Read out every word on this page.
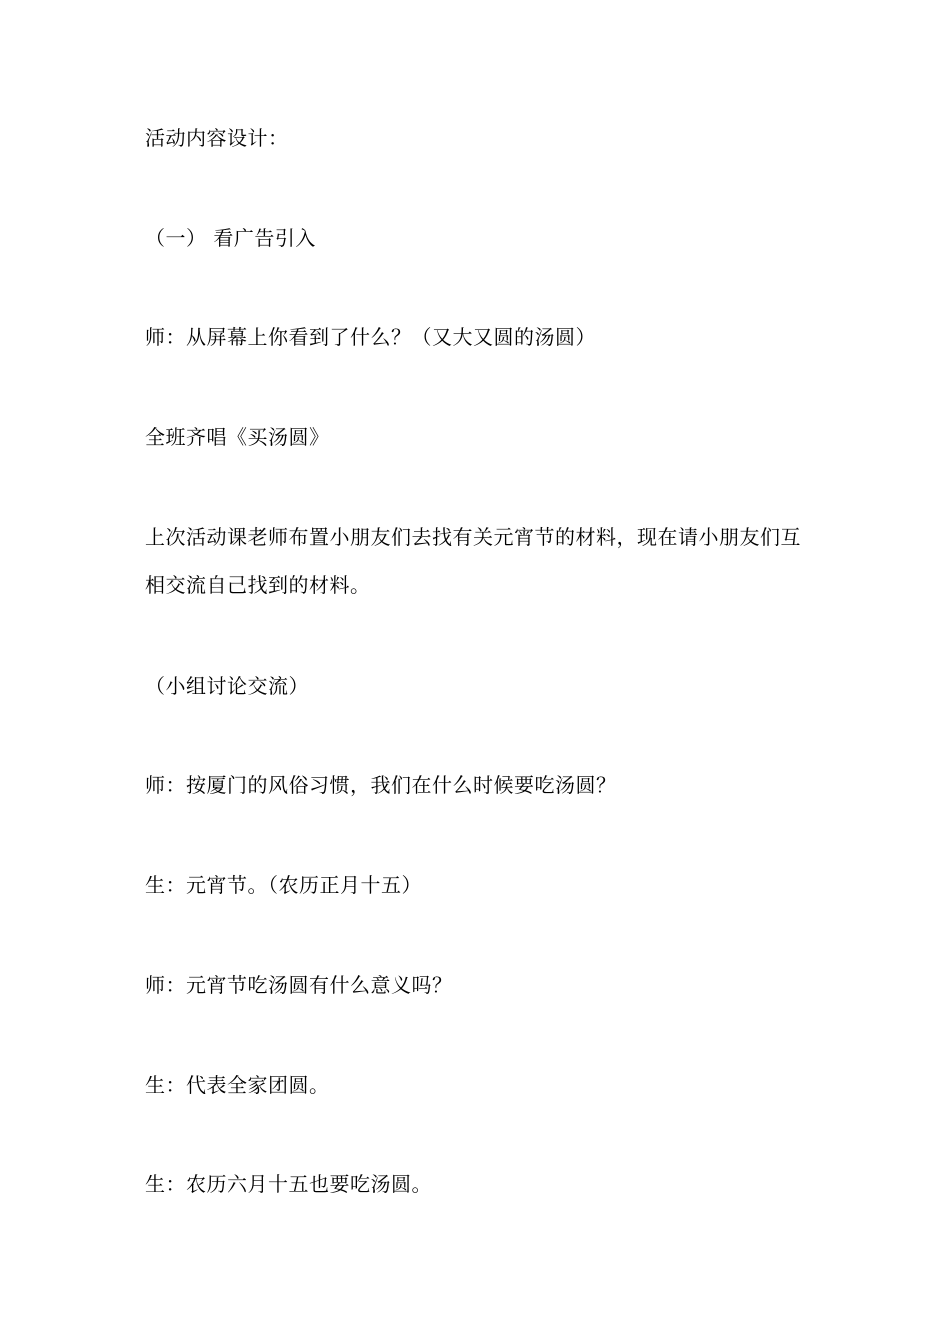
活动内容设计：
（一） 看广告引入
师：从屏幕上你看到了什么？（又大又圆的汤圆）
全班齐唱《买汤圆》
上次活动课老师布置小朋友们去找有关元宵节的材料，现在请小朋友们互
相交流自己找到的材料。
（小组讨论交流）
师：按厦门的风俗习惯，我们在什么时候要吃汤圆？
生：元宵节。（农历正月十五）
师：元宵节吃汤圆有什么意义吗？
生：代表全家团圆。
生：农历六月十五也要吃汤圆。
